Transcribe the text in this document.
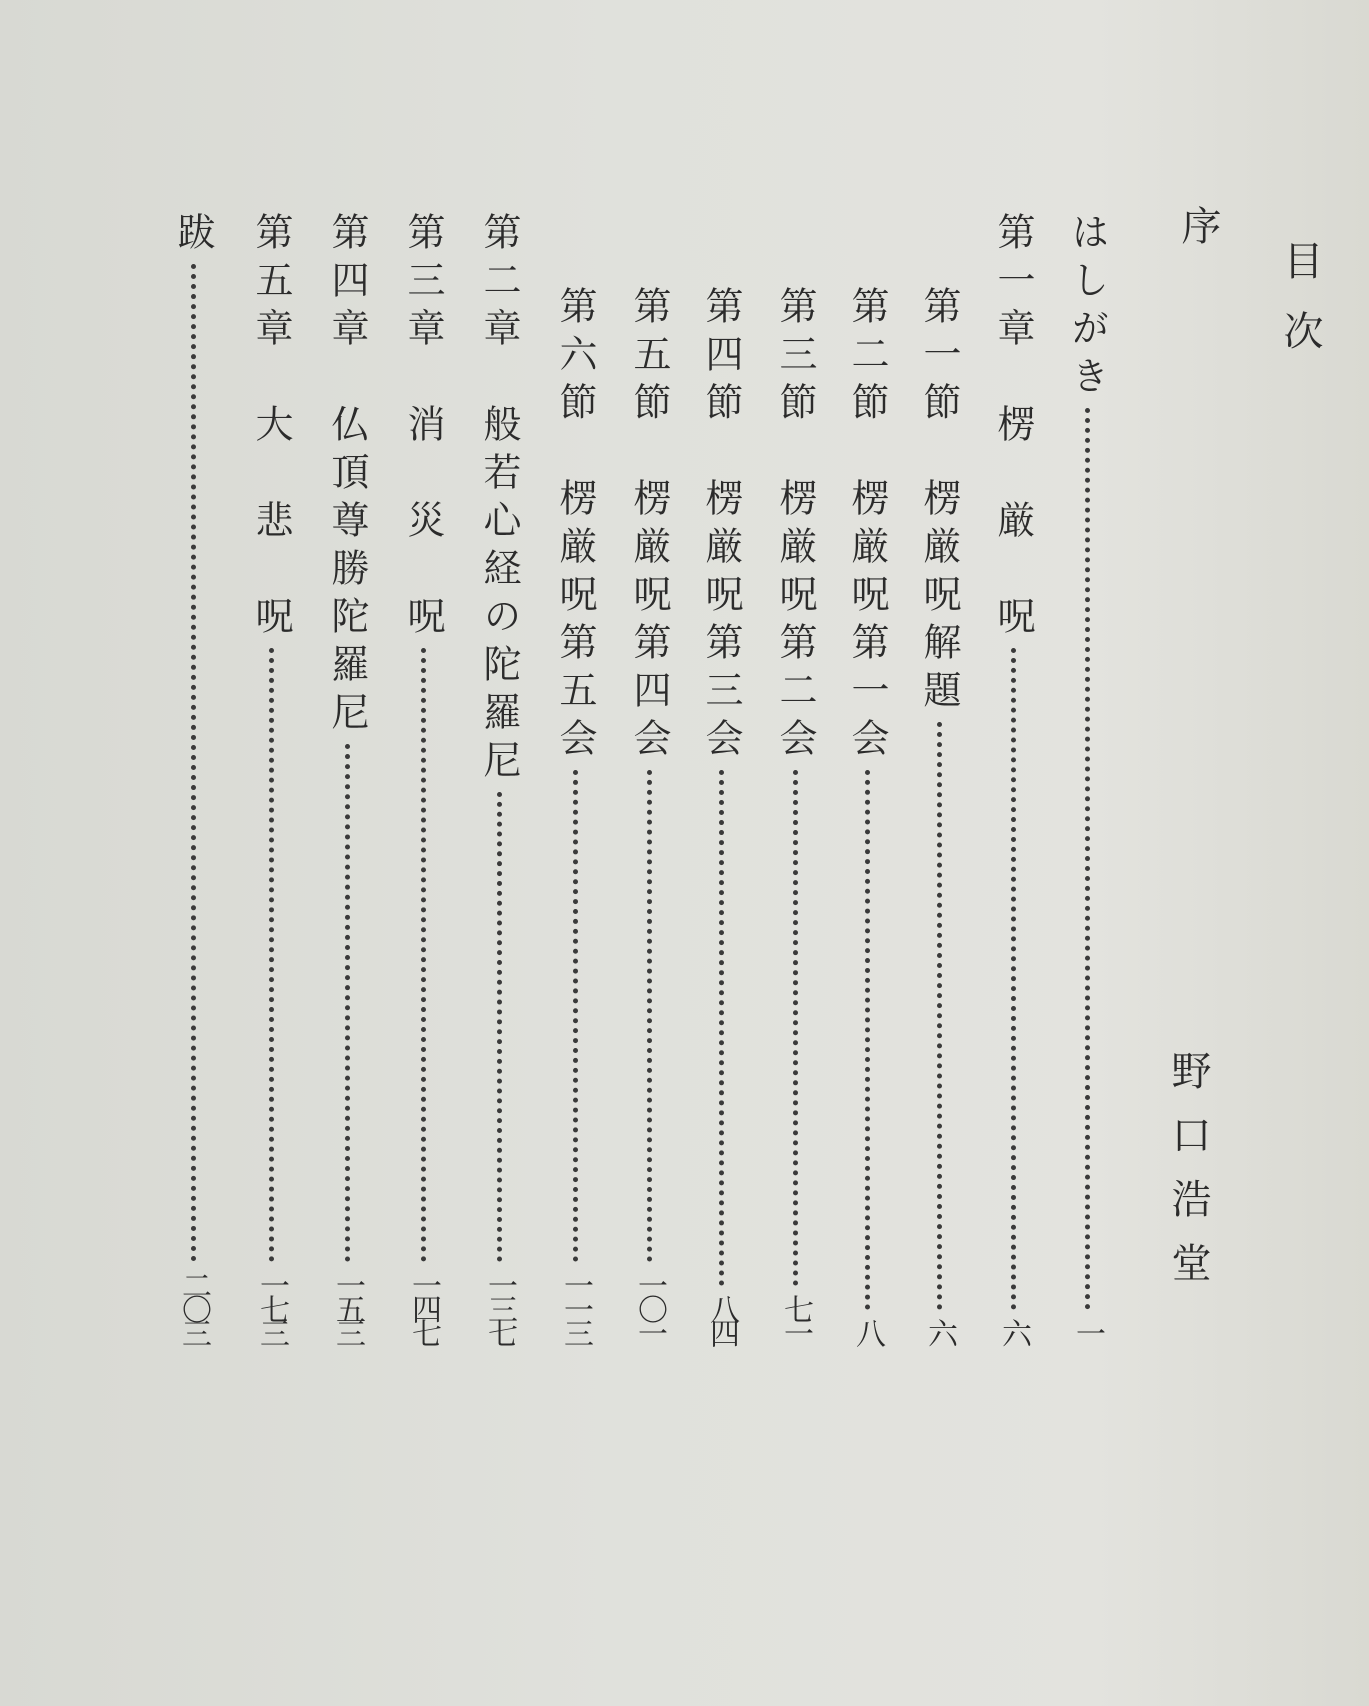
目次
序
野口浩堂
はしがき
一
第一章　楞　厳　呪
六
第一節　楞厳呪解題
六
第二節　楞厳呪第一会
八
第三節　楞厳呪第二会
七一
第四節　楞厳呪第三会
八四
第五節　楞厳呪第四会
一〇一
第六節　楞厳呪第五会
一一三
第二章　般若心経の陀羅尼
一三七
第三章　消　災　呪
一四七
第四章　仏頂尊勝陀羅尼
一五三
第五章　大　悲　呪
一七三
跋
二〇三
